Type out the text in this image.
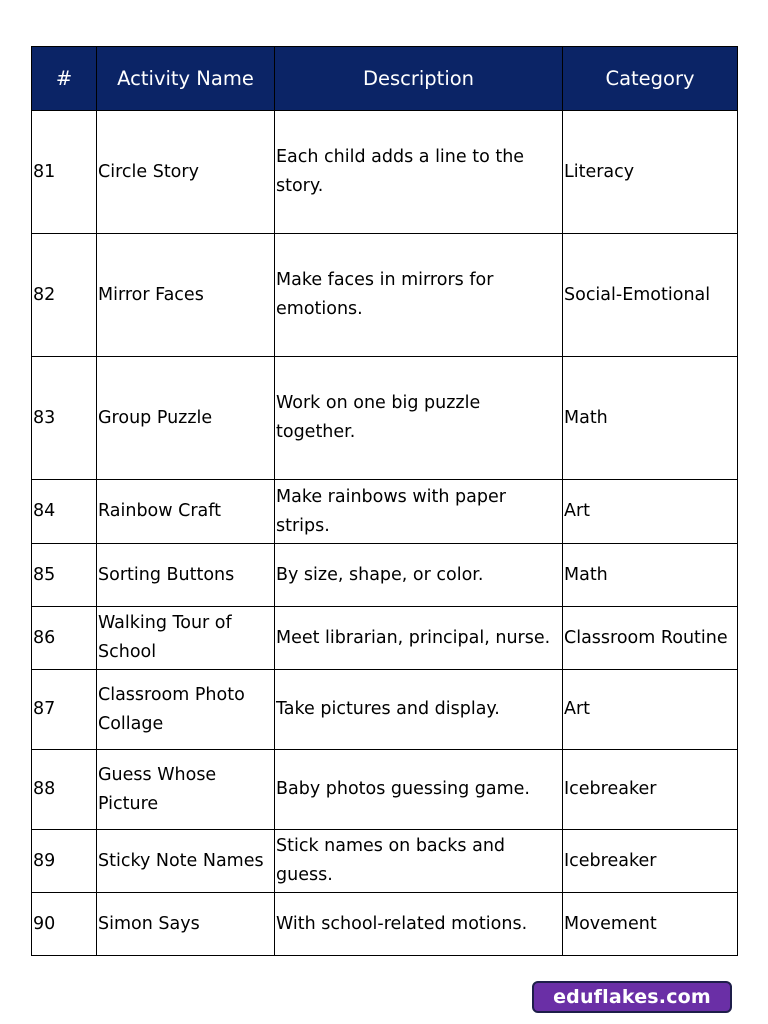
#	Activity Name	Description	Category
81	Circle Story	Each child adds a line to the story.	Literacy
82	Mirror Faces	Make faces in mirrors for emotions.	Social-Emotional
83	Group Puzzle	Work on one big puzzle together.	Math
84	Rainbow Craft	Make rainbows with paper strips.	Art
85	Sorting Buttons	By size, shape, or color.	Math
86	Walking Tour of School	Meet librarian, principal, nurse.	Classroom Routine
87	Classroom Photo Collage	Take pictures and display.	Art
88	Guess Whose Picture	Baby photos guessing game.	Icebreaker
89	Sticky Note Names	Stick names on backs and guess.	Icebreaker
90	Simon Says	With school-related motions.	Movement
eduflakes.com
